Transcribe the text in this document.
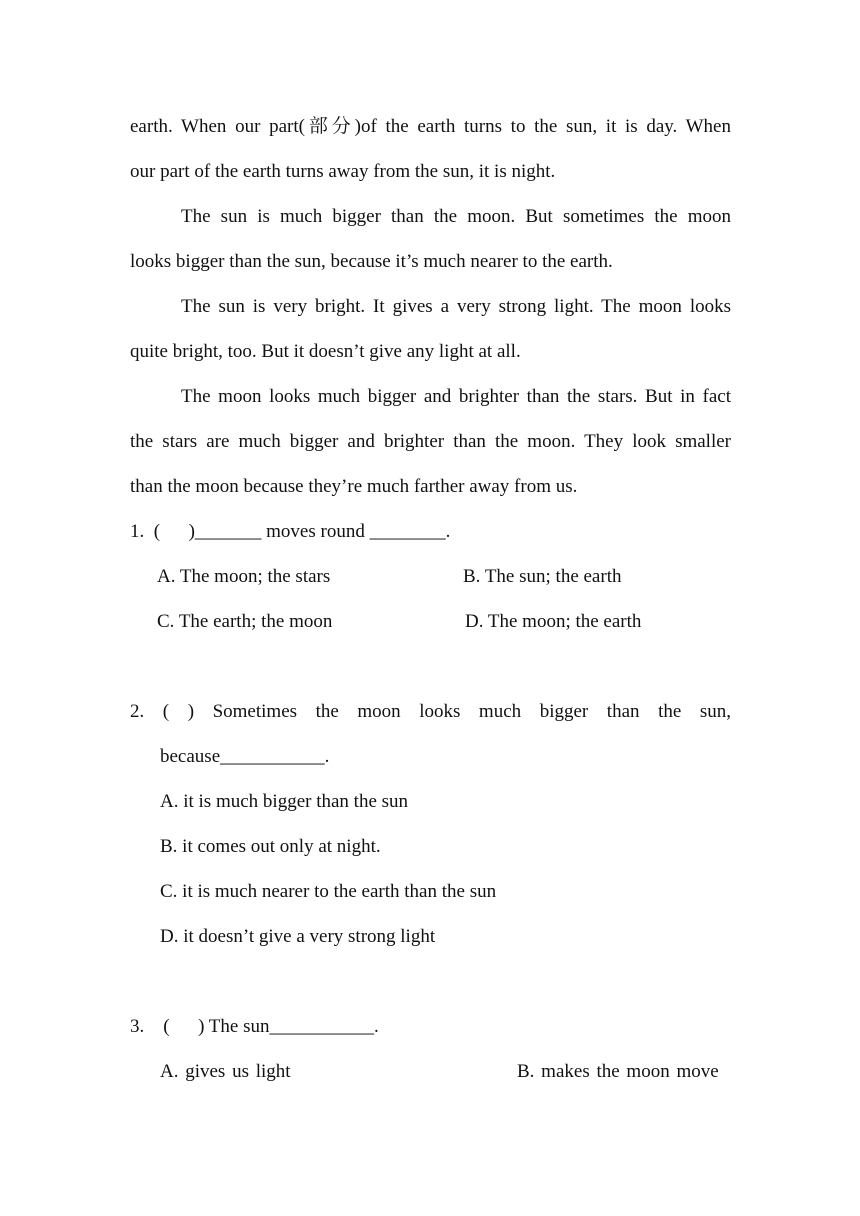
earth. When our part(部分)of the earth turns to the sun, it is day. When
our part of the earth turns away from the sun, it is night.
The sun is much bigger than the moon. But sometimes the moon
looks bigger than the sun, because it’s much nearer to the earth.
The sun is very bright. It gives a very strong light. The moon looks
quite bright, too. But it doesn’t give any light at all.
The moon looks much bigger and brighter than the stars. But in fact
the stars are much bigger and brighter than the moon. They look smaller
than the moon because they’re much farther away from us.
1.  (      )_______ moves round ________.
A. The moon; the stars	B. The sun; the earth
C. The earth; the moon	D. The moon; the earth
2. ( ) Sometimes the moon looks much bigger than the sun,
because___________.
A. it is much bigger than the sun
B. it comes out only at night.
C. it is much nearer to the earth than the sun
D. it doesn’t give a very strong light
3.    (      ) The sun___________.
A. gives us light	B. makes the moon move
